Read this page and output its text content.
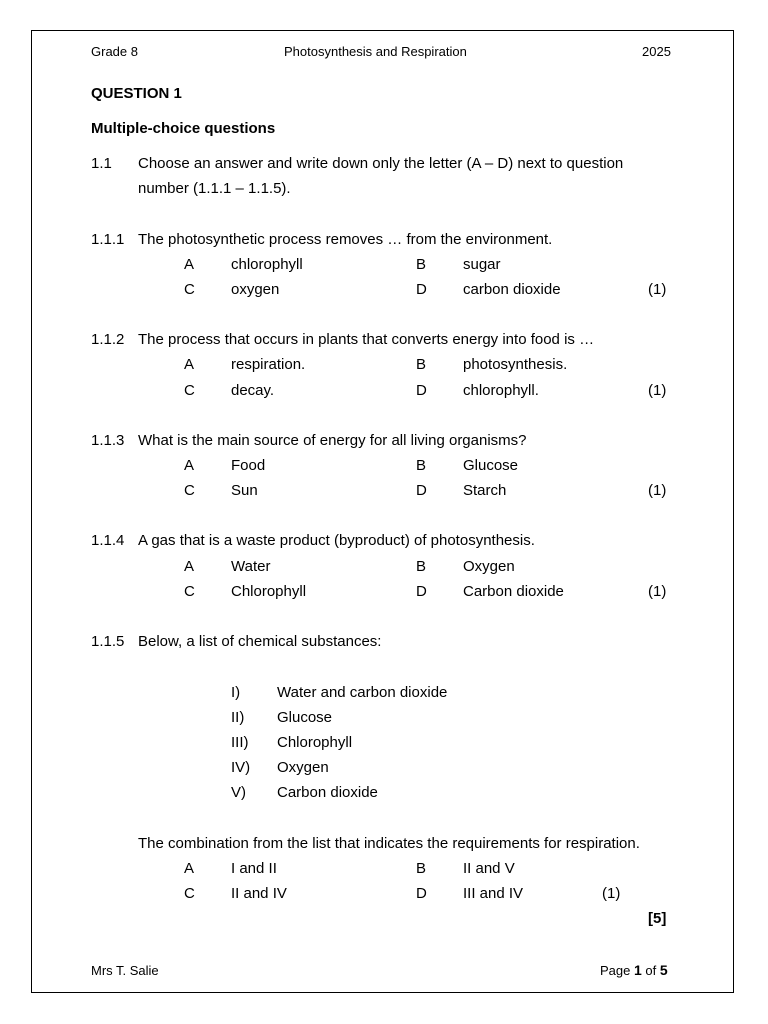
Grade 8	Photosynthesis and Respiration	2025
QUESTION 1
Multiple-choice questions
1.1 Choose an answer and write down only the letter (A – D) next to question
number (1.1.1 – 1.1.5).
1.1.1 The photosynthetic process removes … from the environment.
A chlorophyll	B sugar
C oxygen	D carbon dioxide	(1)
1.1.2 The process that occurs in plants that converts energy into food is …
A respiration.	B photosynthesis.
C decay.	D chlorophyll.	(1)
1.1.3 What is the main source of energy for all living organisms?
A Food	B Glucose
C Sun	D Starch	(1)
1.1.4 A gas that is a waste product (byproduct) of photosynthesis.
A Water	B Oxygen
C Chlorophyll	D Carbon dioxide	(1)
1.1.5 Below, a list of chemical substances:
I) Water and carbon dioxide
II) Glucose
III) Chlorophyll
IV) Oxygen
V) Carbon dioxide
The combination from the list that indicates the requirements for respiration.
A I and II	B II and V
C II and IV	D III and IV	(1)
[5]
Mrs T. Salie	Page 1 of 5
